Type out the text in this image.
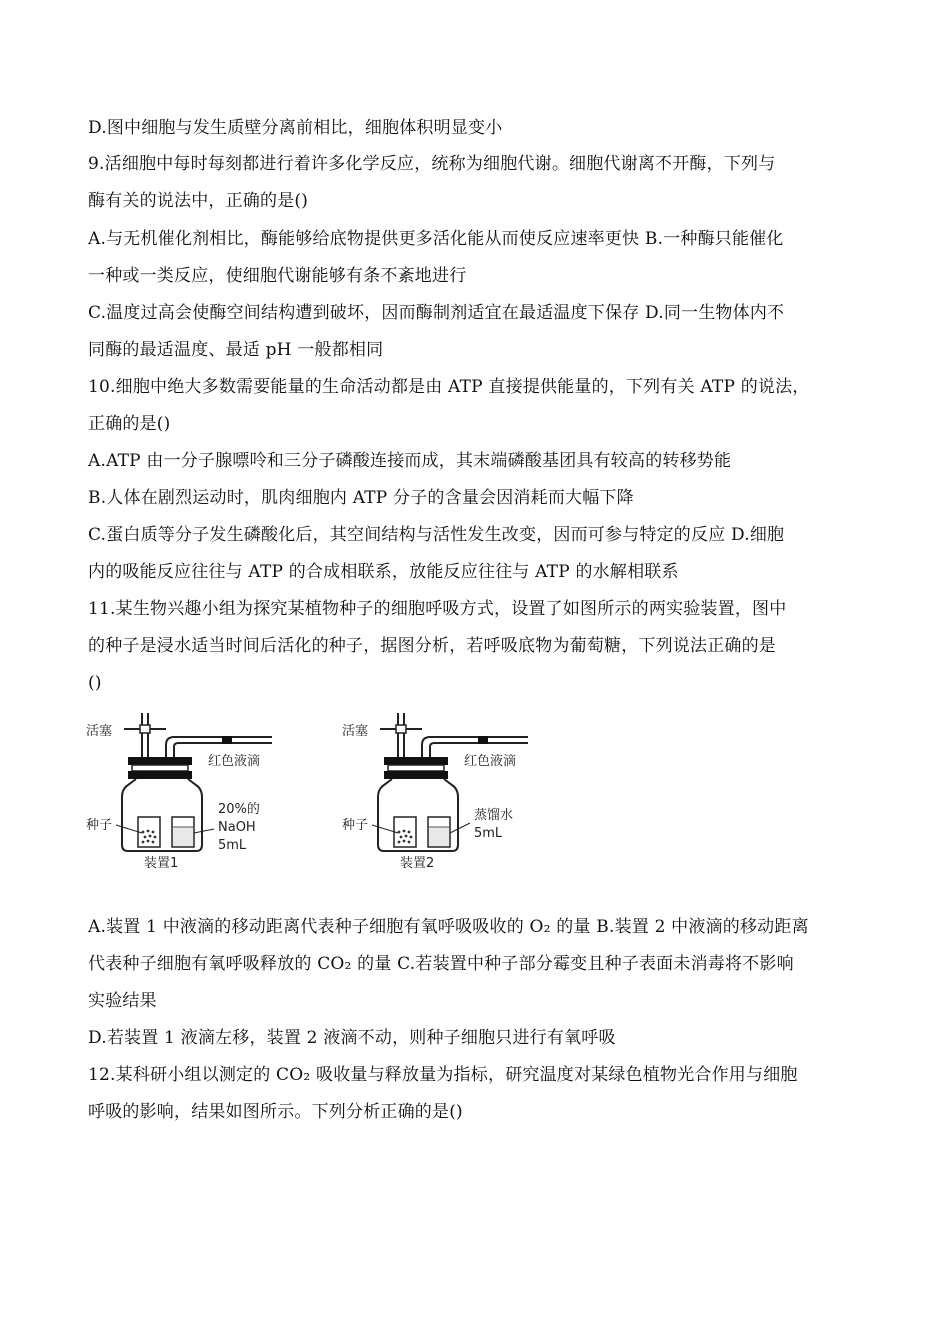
D.图中细胞与发生质壁分离前相比，细胞体积明显变小
9.活细胞中每时每刻都进行着许多化学反应，统称为细胞代谢。细胞代谢离不开酶，下列与
酶有关的说法中，正确的是()
A.与无机催化剂相比，酶能够给底物提供更多活化能从而使反应速率更快 B.一种酶只能催化
一种或一类反应，使细胞代谢能够有条不紊地进行
C.温度过高会使酶空间结构遭到破坏，因而酶制剂适宜在最适温度下保存 D.同一生物体内不
同酶的最适温度、最适 pH 一般都相同
10.细胞中绝大多数需要能量的生命活动都是由 ATP 直接提供能量的，下列有关 ATP 的说法，
正确的是()
A.ATP 由一分子腺嘌呤和三分子磷酸连接而成，其末端磷酸基团具有较高的转移势能
B.人体在剧烈运动时，肌肉细胞内 ATP 分子的含量会因消耗而大幅下降
C.蛋白质等分子发生磷酸化后，其空间结构与活性发生改变，因而可参与特定的反应 D.细胞
内的吸能反应往往与 ATP 的合成相联系，放能反应往往与 ATP 的水解相联系
11.某生物兴趣小组为探究某植物种子的细胞呼吸方式，设置了如图所示的两实验装置，图中
的种子是浸水适当时间后活化的种子，据图分析，若呼吸底物为葡萄糖，下列说法正确的是
()
活塞
红色液滴
种子
20%的
NaOH
5mL
装置1
活塞
红色液滴
种子
蒸馏水
5mL
装置2
A.装置 1 中液滴的移动距离代表种子细胞有氧呼吸吸收的 O₂ 的量 B.装置 2 中液滴的移动距离
代表种子细胞有氧呼吸释放的 CO₂ 的量 C.若装置中种子部分霉变且种子表面未消毒将不影响
实验结果
D.若装置 1 液滴左移，装置 2 液滴不动，则种子细胞只进行有氧呼吸
12.某科研小组以测定的 CO₂ 吸收量与释放量为指标，研究温度对某绿色植物光合作用与细胞
呼吸的影响，结果如图所示。下列分析正确的是()
